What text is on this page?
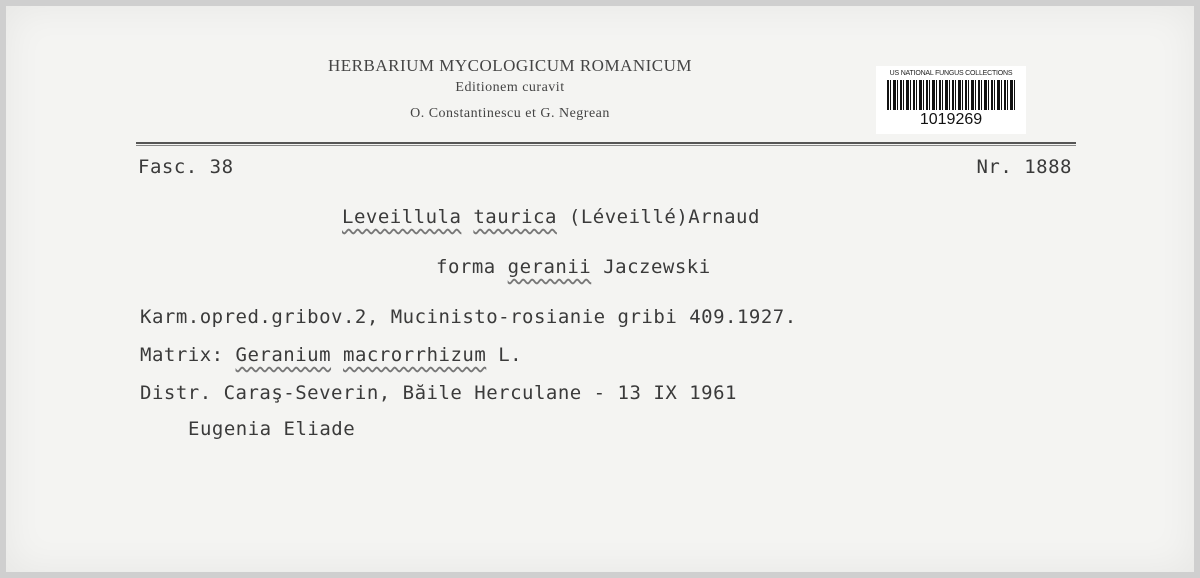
HERBARIUM MYCOLOGICUM ROMANICUM
Editionem curavit
O. Constantinescu et G. Negrean
US NATIONAL FUNGUS COLLECTIONS
1019269
Fasc. 38	Nr. 1888
Leveillula taurica (Léveillé)Arnaud
forma geranii Jaczewski
Karm.opred.gribov.2, Mucinisto-rosianie gribi 409.1927.
Matrix: Geranium macrorrhizum L.
Distr. Caraş-Severin, Băile Herculane - 13 IX 1961
Eugenia Eliade
